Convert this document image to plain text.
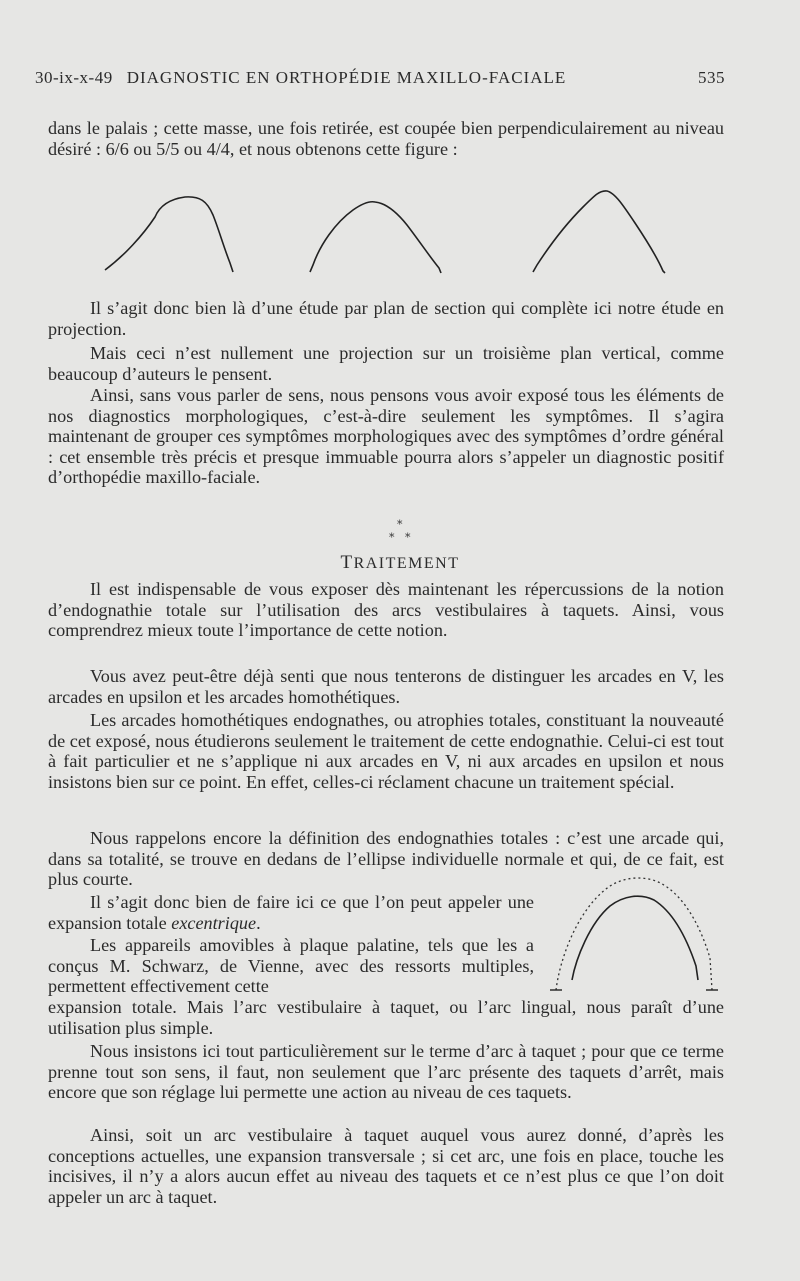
30-ix-x-49 DIAGNOSTIC EN ORTHOPÉDIE MAXILLO-FACIALE	535

dans le palais ; cette masse, une fois retirée, est coupée bien perpendiculairement au niveau désiré : 6/6 ou 5/5 ou 4/4, et nous obtenons cette figure :

Il s’agit donc bien là d’une étude par plan de section qui complète ici notre étude en projection.

Mais ceci n’est nullement une projection sur un troisième plan vertical, comme beaucoup d’auteurs le pensent.

Ainsi, sans vous parler de sens, nous pensons vous avoir exposé tous les éléments de nos diagnostics morphologiques, c’est-à-dire seulement les symptômes. Il s’agira maintenant de grouper ces symptômes morphologiques avec des symptômes d’ordre général : cet ensemble très précis et presque immuable pourra alors s’appeler un diagnostic positif d’orthopédie maxillo-faciale.

*
* *
TRAITEMENT

Il est indispensable de vous exposer dès maintenant les répercussions de la notion d’endognathie totale sur l’utilisation des arcs vestibulaires à taquets. Ainsi, vous comprendrez mieux toute l’importance de cette notion.

Vous avez peut-être déjà senti que nous tenterons de distinguer les arcades en V, les arcades en upsilon et les arcades homothétiques.

Les arcades homothétiques endognathes, ou atrophies totales, constituant la nouveauté de cet exposé, nous étudierons seulement le traitement de cette endognathie. Celui-ci est tout à fait particulier et ne s’applique ni aux arcades en V, ni aux arcades en upsilon et nous insistons bien sur ce point. En effet, celles-ci réclament chacune un traitement spécial.

Nous rappelons encore la définition des endognathies totales : c’est une arcade qui, dans sa totalité, se trouve en dedans de l’ellipse individuelle normale et qui, de ce fait, est plus courte.

Il s’agit donc bien de faire ici ce que l’on peut appeler une expansion totale excentrique.

Les appareils amovibles à plaque palatine, tels que les a conçus M. Schwarz, de Vienne, avec des ressorts multiples, permettent effectivement cette

expansion totale. Mais l’arc vestibulaire à taquet, ou l’arc lingual, nous paraît d’une utilisation plus simple.

Nous insistons ici tout particulièrement sur le terme d’arc à taquet ; pour que ce terme prenne tout son sens, il faut, non seulement que l’arc présente des taquets d’arrêt, mais encore que son réglage lui permette une action au niveau de ces taquets.

Ainsi, soit un arc vestibulaire à taquet auquel vous aurez donné, d’après les conceptions actuelles, une expansion transversale ; si cet arc, une fois en place, touche les incisives, il n’y a alors aucun effet au niveau des taquets et ce n’est plus ce que l’on doit appeler un arc à taquet.
